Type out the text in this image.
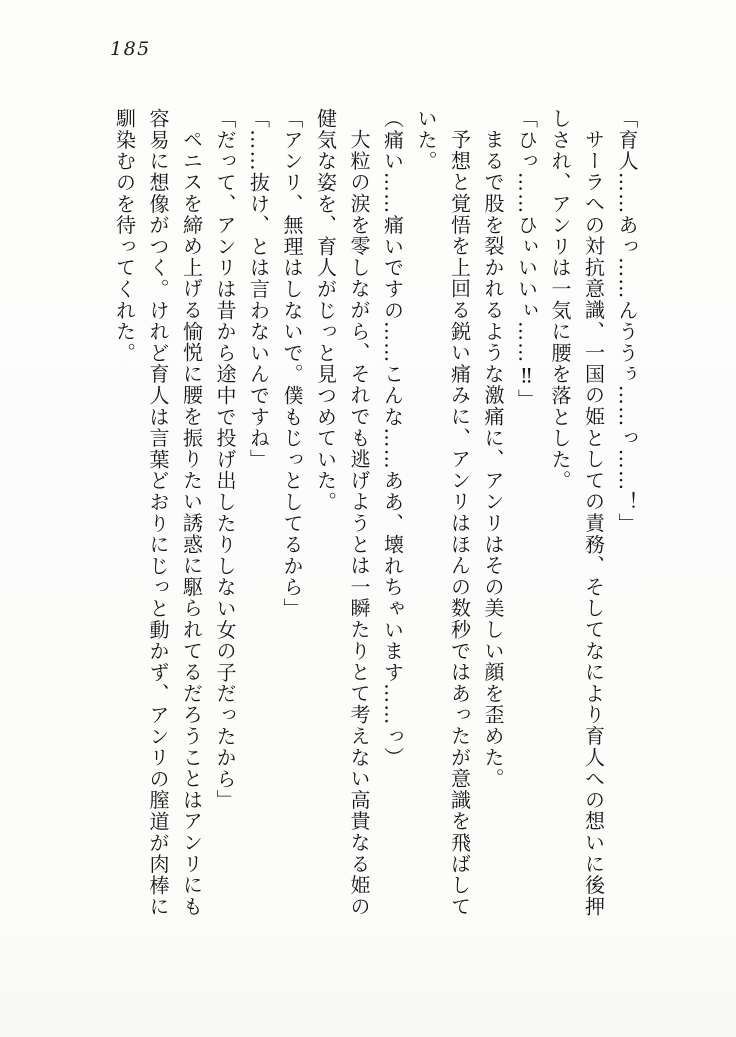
185
「育人……あっ……んううぅ……っ……！」
サーラへの対抗意識、一国の姫としての責務、そしてなにより育人への想いに後押
しされ、アンリは一気に腰を落とした。
「ひっ……ひぃいいぃ……‼」
まるで股を裂かれるような激痛に、アンリはその美しい顔を歪めた。
予想と覚悟を上回る鋭い痛みに、アンリはほんの数秒ではあったが意識を飛ばして
いた。
（痛い……痛いですの……こんな……ああ、壊れちゃいます……っ）
大粒の涙を零しながら、それでも逃げようとは一瞬たりとて考えない高貴なる姫の
健気な姿を、育人がじっと見つめていた。
「アンリ、無理はしないで。僕もじっとしてるから」
「……抜け、とは言わないんですね」
「だって、アンリは昔から途中で投げ出したりしない女の子だったから」
ペニスを締め上げる愉悦に腰を振りたい誘惑に駆られてるだろうことはアンリにも
容易に想像がつく。けれど育人は言葉どおりにじっと動かず、アンリの膣道が肉棒に
馴染むのを待ってくれた。
